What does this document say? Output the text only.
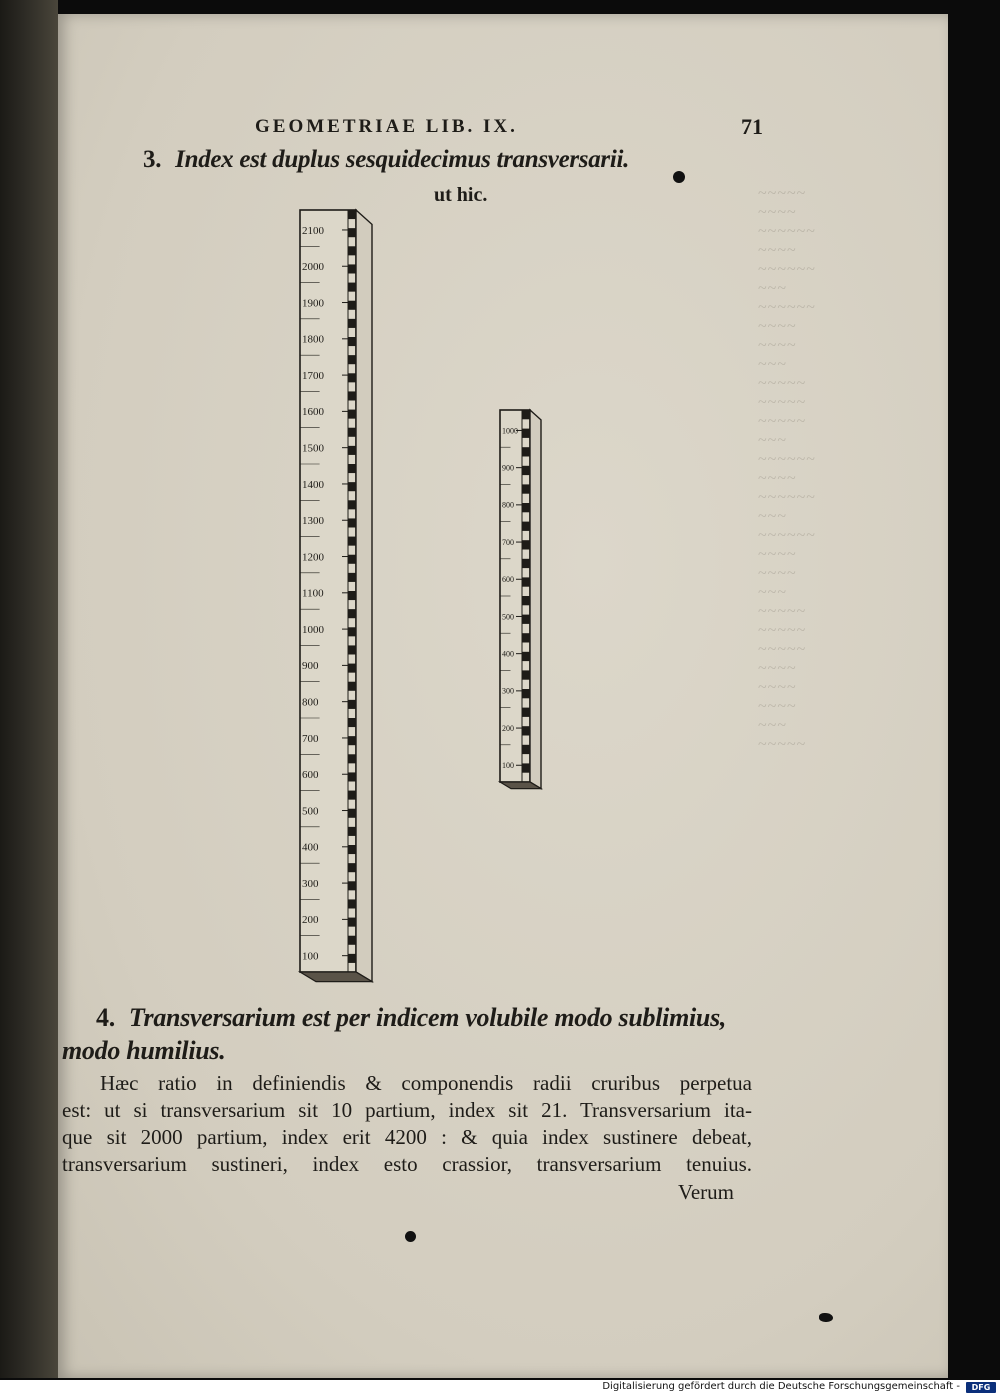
~~~~~ ~~~~ ~~~~~~
~~~~ ~~~~~~ ~~~
~~~~~~ ~~~~ ~~~~
~~~ ~~~~~ ~~~~~
~~~~~ ~~~ ~~~~~~
~~~~ ~~~~~~ ~~~
~~~~~~ ~~~~ ~~~~
~~~ ~~~~~ ~~~~~
~~~~~ ~~~~ ~~~~
~~~~ ~~~ ~~~~~
GEOMETRIAE LIB. IX.	71
3. Index est duplus sesquidecimus transversarii.
ut hic.
2100
2000
1900
1800
1700
1600
1500
1400
1300
1200
1100
1000
900
800
700
600
500
400
300
200
100
1000
900
800
700
600
500
400
300
200
100
4. Transversarium est per indicem volubile modo sublimius,
modo humilius.
Hæc ratio in definiendis & componendis radii cruribus perpetua
est: ut si transversarium sit 10 partium, index sit 21. Transversarium ita-
que sit 2000 partium, index erit 4200 : & quia index sustinere debeat,
transversarium sustineri, index esto crassior, transversarium tenuius.
Verum
Digitalisierung gefördert durch die Deutsche Forschungsgemeinschaft -	DFG
